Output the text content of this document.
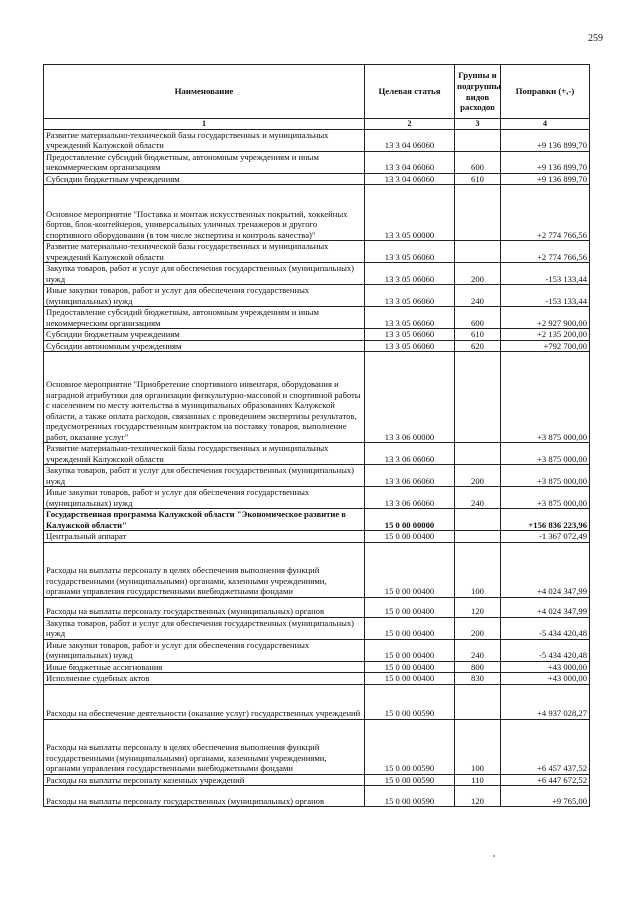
259
Наименование	Целевая статья	Группы и подгруппы видов расходов	Поправки (+,-)
1	2	3	4
Развитие материально-технической базы государственных и муниципальных учреждений Калужской области	13 3 04 06060		+9 136 899,70
Предоставление субсидий бюджетным, автономным учреждениям и иным некоммерческим организациям	13 3 04 06060	600	+9 136 899,70
Субсидии бюджетным учреждениям	13 3 04 06060	610	+9 136 899,70
Основное мероприятие "Поставка и монтаж искусственных покрытий, хоккейных бортов, блок-контейнеров, универсальных уличных тренажеров и другого спортивного оборудования (в том числе экспертиза и контроль качества)"	13 3 05 00000		+2 774 766,56
Развитие материально-технической базы государственных и муниципальных учреждений Калужской области	13 3 05 06060		+2 774 766,56
Закупка товаров, работ и услуг для обеспечения государственных (муниципальных) нужд	13 3 05 06060	200	-153 133,44
Иные закупки товаров, работ и услуг для обеспечения государственных (муниципальных) нужд	13 3 05 06060	240	-153 133,44
Предоставление субсидий бюджетным, автономным учреждениям и иным некоммерческим организациям	13 3 05 06060	600	+2 927 900,00
Субсидии бюджетным учреждениям	13 3 05 06060	610	+2 135 200,00
Субсидии автономным учреждениям	13 3 05 06060	620	+792 700,00
Основное мероприятие "Приобретение спортивного инвентаря, оборудования и наградной атрибутики для организации физкультурно-массовой и спортивной работы с населением по месту жительства в муниципальных образованиях Калужской области, а также оплата расходов, связанных с проведением экспертизы результатов, предусмотренных государственным контрактом на поставку товаров, выполнение работ, оказание услуг"	13 3 06 00000		+3 875 000,00
Развитие материально-технической базы государственных и муниципальных учреждений Калужской области	13 3 06 06060		+3 875 000,00
Закупка товаров, работ и услуг для обеспечения государственных (муниципальных) нужд	13 3 06 06060	200	+3 875 000,00
Иные закупки товаров, работ и услуг для обеспечения государственных (муниципальных) нужд	13 3 06 06060	240	+3 875 000,00
Государственная программа Калужской области "Экономическое развитие в Калужской области"	15 0 00 00000		+156 836 223,96
Центральный аппарат	15 0 00 00400		-1 367 072,49
Расходы на выплаты персоналу в целях обеспечения выполнения функций государственными (муниципальными) органами, казенными учреждениями, органами управления государственными внебюджетными фондами	15 0 00 00400	100	+4 024 347,99
Расходы на выплаты персоналу государственных (муниципальных) органов	15 0 00 00400	120	+4 024 347,99
Закупка товаров, работ и услуг для обеспечения государственных (муниципальных) нужд	15 0 00 00400	200	-5 434 420,48
Иные закупки товаров, работ и услуг для обеспечения государственных (муниципальных) нужд	15 0 00 00400	240	-5 434 420,48
Иные бюджетные ассигнования	15 0 00 00400	800	+43 000,00
Исполнение судебных актов	15 0 00 00400	830	+43 000,00
Расходы на обеспечение деятельности (оказание услуг) государственных учреждений	15 0 00 00590		+4 937 028,27
Расходы на выплаты персоналу в целях обеспечения выполнения функций государственными (муниципальными) органами, казенными учреждениями, органами управления государственными внебюджетными фондами	15 0 00 00590	100	+6 457 437,52
Расходы на выплаты персоналу казенных учреждений	15 0 00 00590	110	+6 447 672,52
Расходы на выплаты персоналу государственных (муниципальных) органов	15 0 00 00590	120	+9 765,00
